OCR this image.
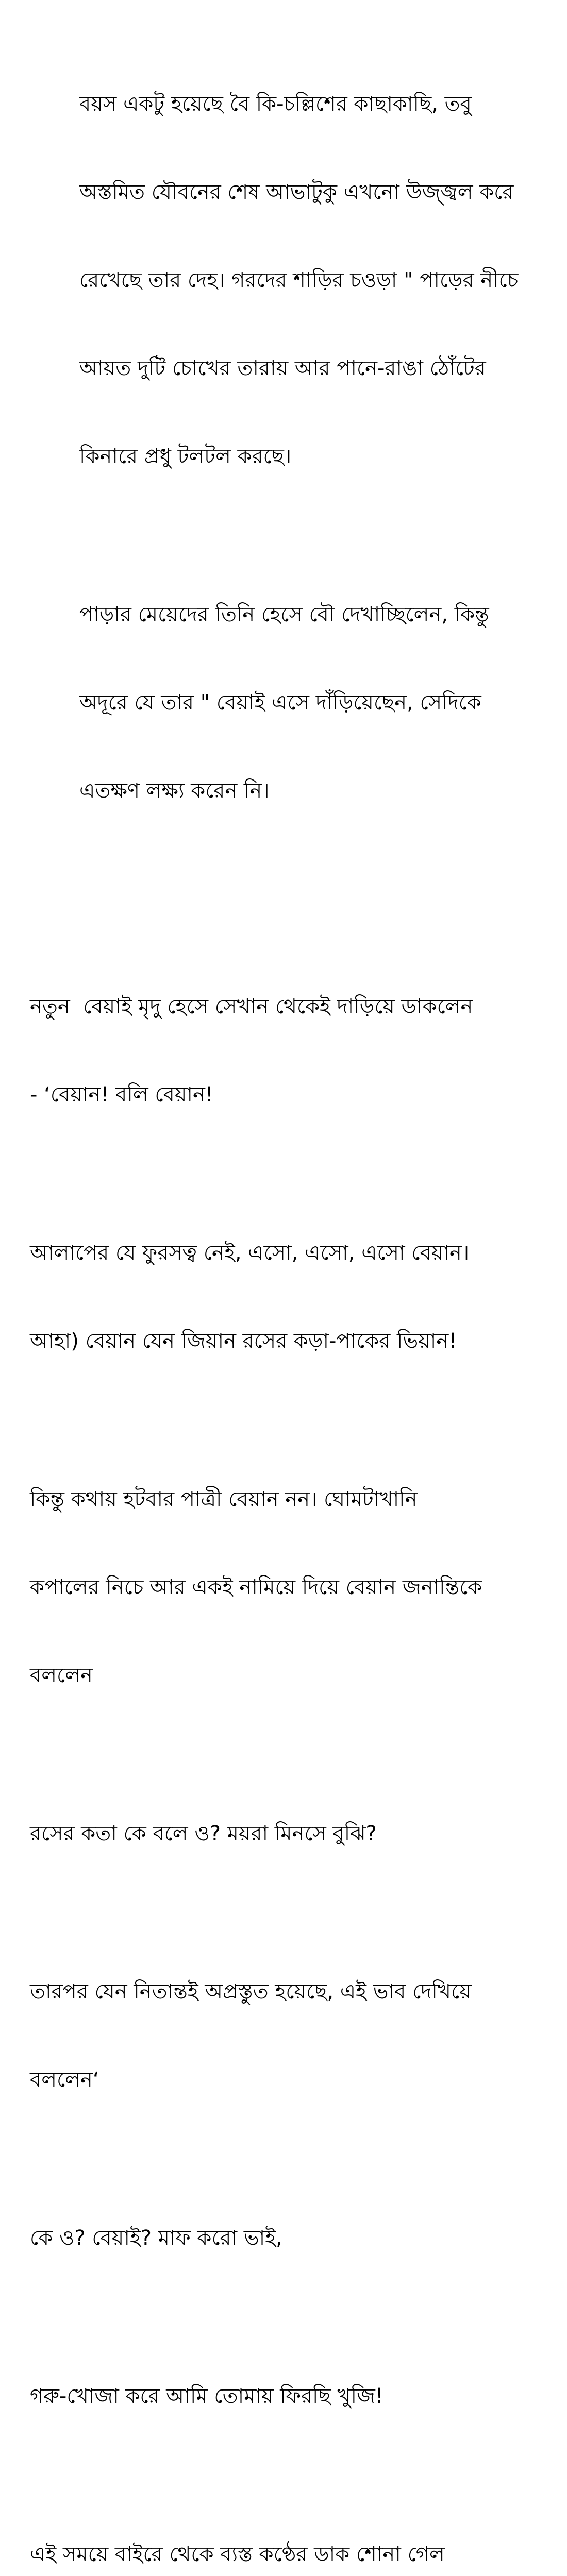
বয়স একটু হয়েছে বৈ কি-চল্লিশের কাছাকাছি, তবু

অস্তমিত যৌবনের শেষ আভাটুকু এখনো উজ্জ্বল করে

রেখেছে তার দেহ। গরদের শাড়ির চওড়া " পাড়ের নীচে

আয়ত দুটি চোখের তারায় আর পানে-রাঙা ঠোঁটের

কিনারে প্রধু টলটল করছে।

পাড়ার মেয়েদের তিনি হেসে বৌ দেখাচ্ছিলেন, কিন্তু

অদূরে যে তার " বেয়াই এসে দাঁড়িয়েছেন, সেদিকে

এতক্ষণ লক্ষ্য করেন নি।

নতুন  বেয়াই মৃদু হেসে সেখান থেকেই দাড়িয়ে ডাকলেন

- ‘বেয়ান! বলি বেয়ান!

আলাপের যে ফুরসত্ব নেই, এসো, এসো, এসো বেয়ান।

আহা) বেয়ান যেন জিয়ান রসের কড়া-পাকের ভিয়ান!

কিন্তু কথায় হটবার পাত্রী বেয়ান নন। ঘোমটাখানি

কপালের নিচে আর একই নামিয়ে দিয়ে বেয়ান জনান্তিকে

বললেন

রসের কতা কে বলে ও? ময়রা মিনসে বুঝি?

তারপর যেন নিতান্তই অপ্রস্তুত হয়েছে, এই ভাব দেখিয়ে

বললেন‘

কে ও? বেয়াই? মাফ করো ভাই,

গরু-খোজা করে আমি তোমায় ফিরছি খুজি!

এই সময়ে বাইরে থেকে ব্যস্ত কণ্ঠের ডাক শোনা গেল
